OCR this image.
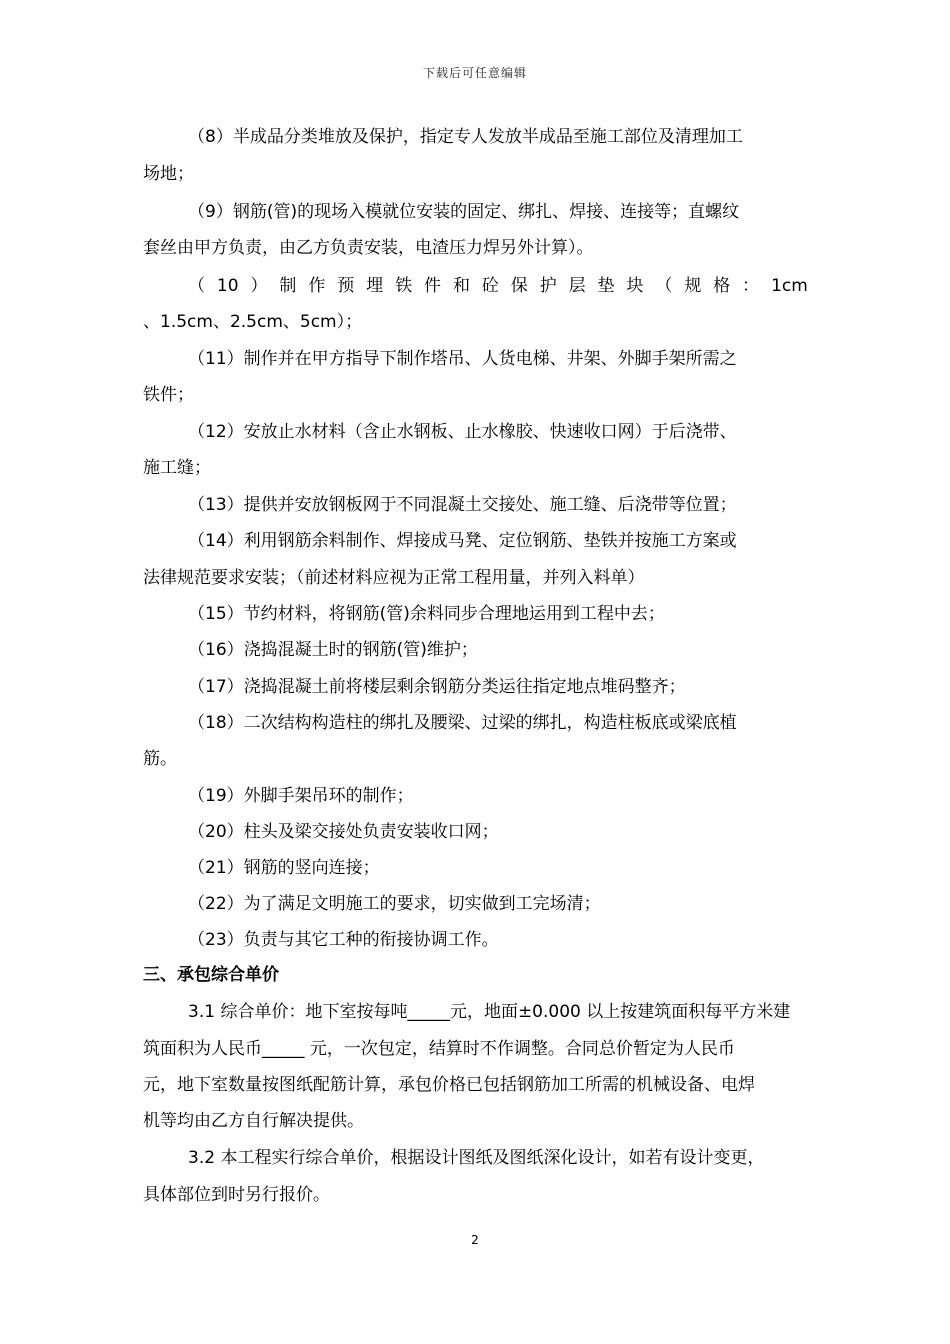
下载后可任意编辑
（8）半成品分类堆放及保护，指定专人发放半成品至施工部位及清理加工
场地；
（9）钢筋(管)的现场入模就位安装的固定、绑扎、焊接、连接等；直螺纹
套丝由甲方负责，由乙方负责安装，电渣压力焊另外计算）。
、1.5cm、2.5cm、5cm）；
（11）制作并在甲方指导下制作塔吊、人货电梯、井架、外脚手架所需之
铁件；
（12）安放止水材料（含止水钢板、止水橡胶、快速收口网）于后浇带、
施工缝；
（13）提供并安放钢板网于不同混凝土交接处、施工缝、后浇带等位置；
（14）利用钢筋余料制作、焊接成马凳、定位钢筋、垫铁并按施工方案或
法律规范要求安装；（前述材料应视为正常工程用量，并列入料单）
（15）节约材料，将钢筋(管)余料同步合理地运用到工程中去；
（16）浇捣混凝土时的钢筋(管)维护；
（17）浇捣混凝土前将楼层剩余钢筋分类运往指定地点堆码整齐；
（18）二次结构构造柱的绑扎及腰梁、过梁的绑扎，构造柱板底或梁底植
筋。
（19）外脚手架吊环的制作；
（20）柱头及梁交接处负责安装收口网；
（21）钢筋的竖向连接；
（22）为了满足文明施工的要求，切实做到工完场清；
（23）负责与其它工种的衔接协调工作。
三、承包综合单价
3.1 综合单价：地下室按每吨_____元，地面±0.000 以上按建筑面积每平方米建
筑面积为人民币_____ 元，一次包定，结算时不作调整。合同总价暂定为人民币
元，地下室数量按图纸配筋计算，承包价格已包括钢筋加工所需的机械设备、电焊
机等均由乙方自行解决提供。
3.2 本工程实行综合单价，根据设计图纸及图纸深化设计，如若有设计变更，
具体部位到时另行报价。
（ 10 ） 制 作 预 埋 铁 件 和 砼 保 护 层 垫 块 （ 规 格 ： 1cm
2
